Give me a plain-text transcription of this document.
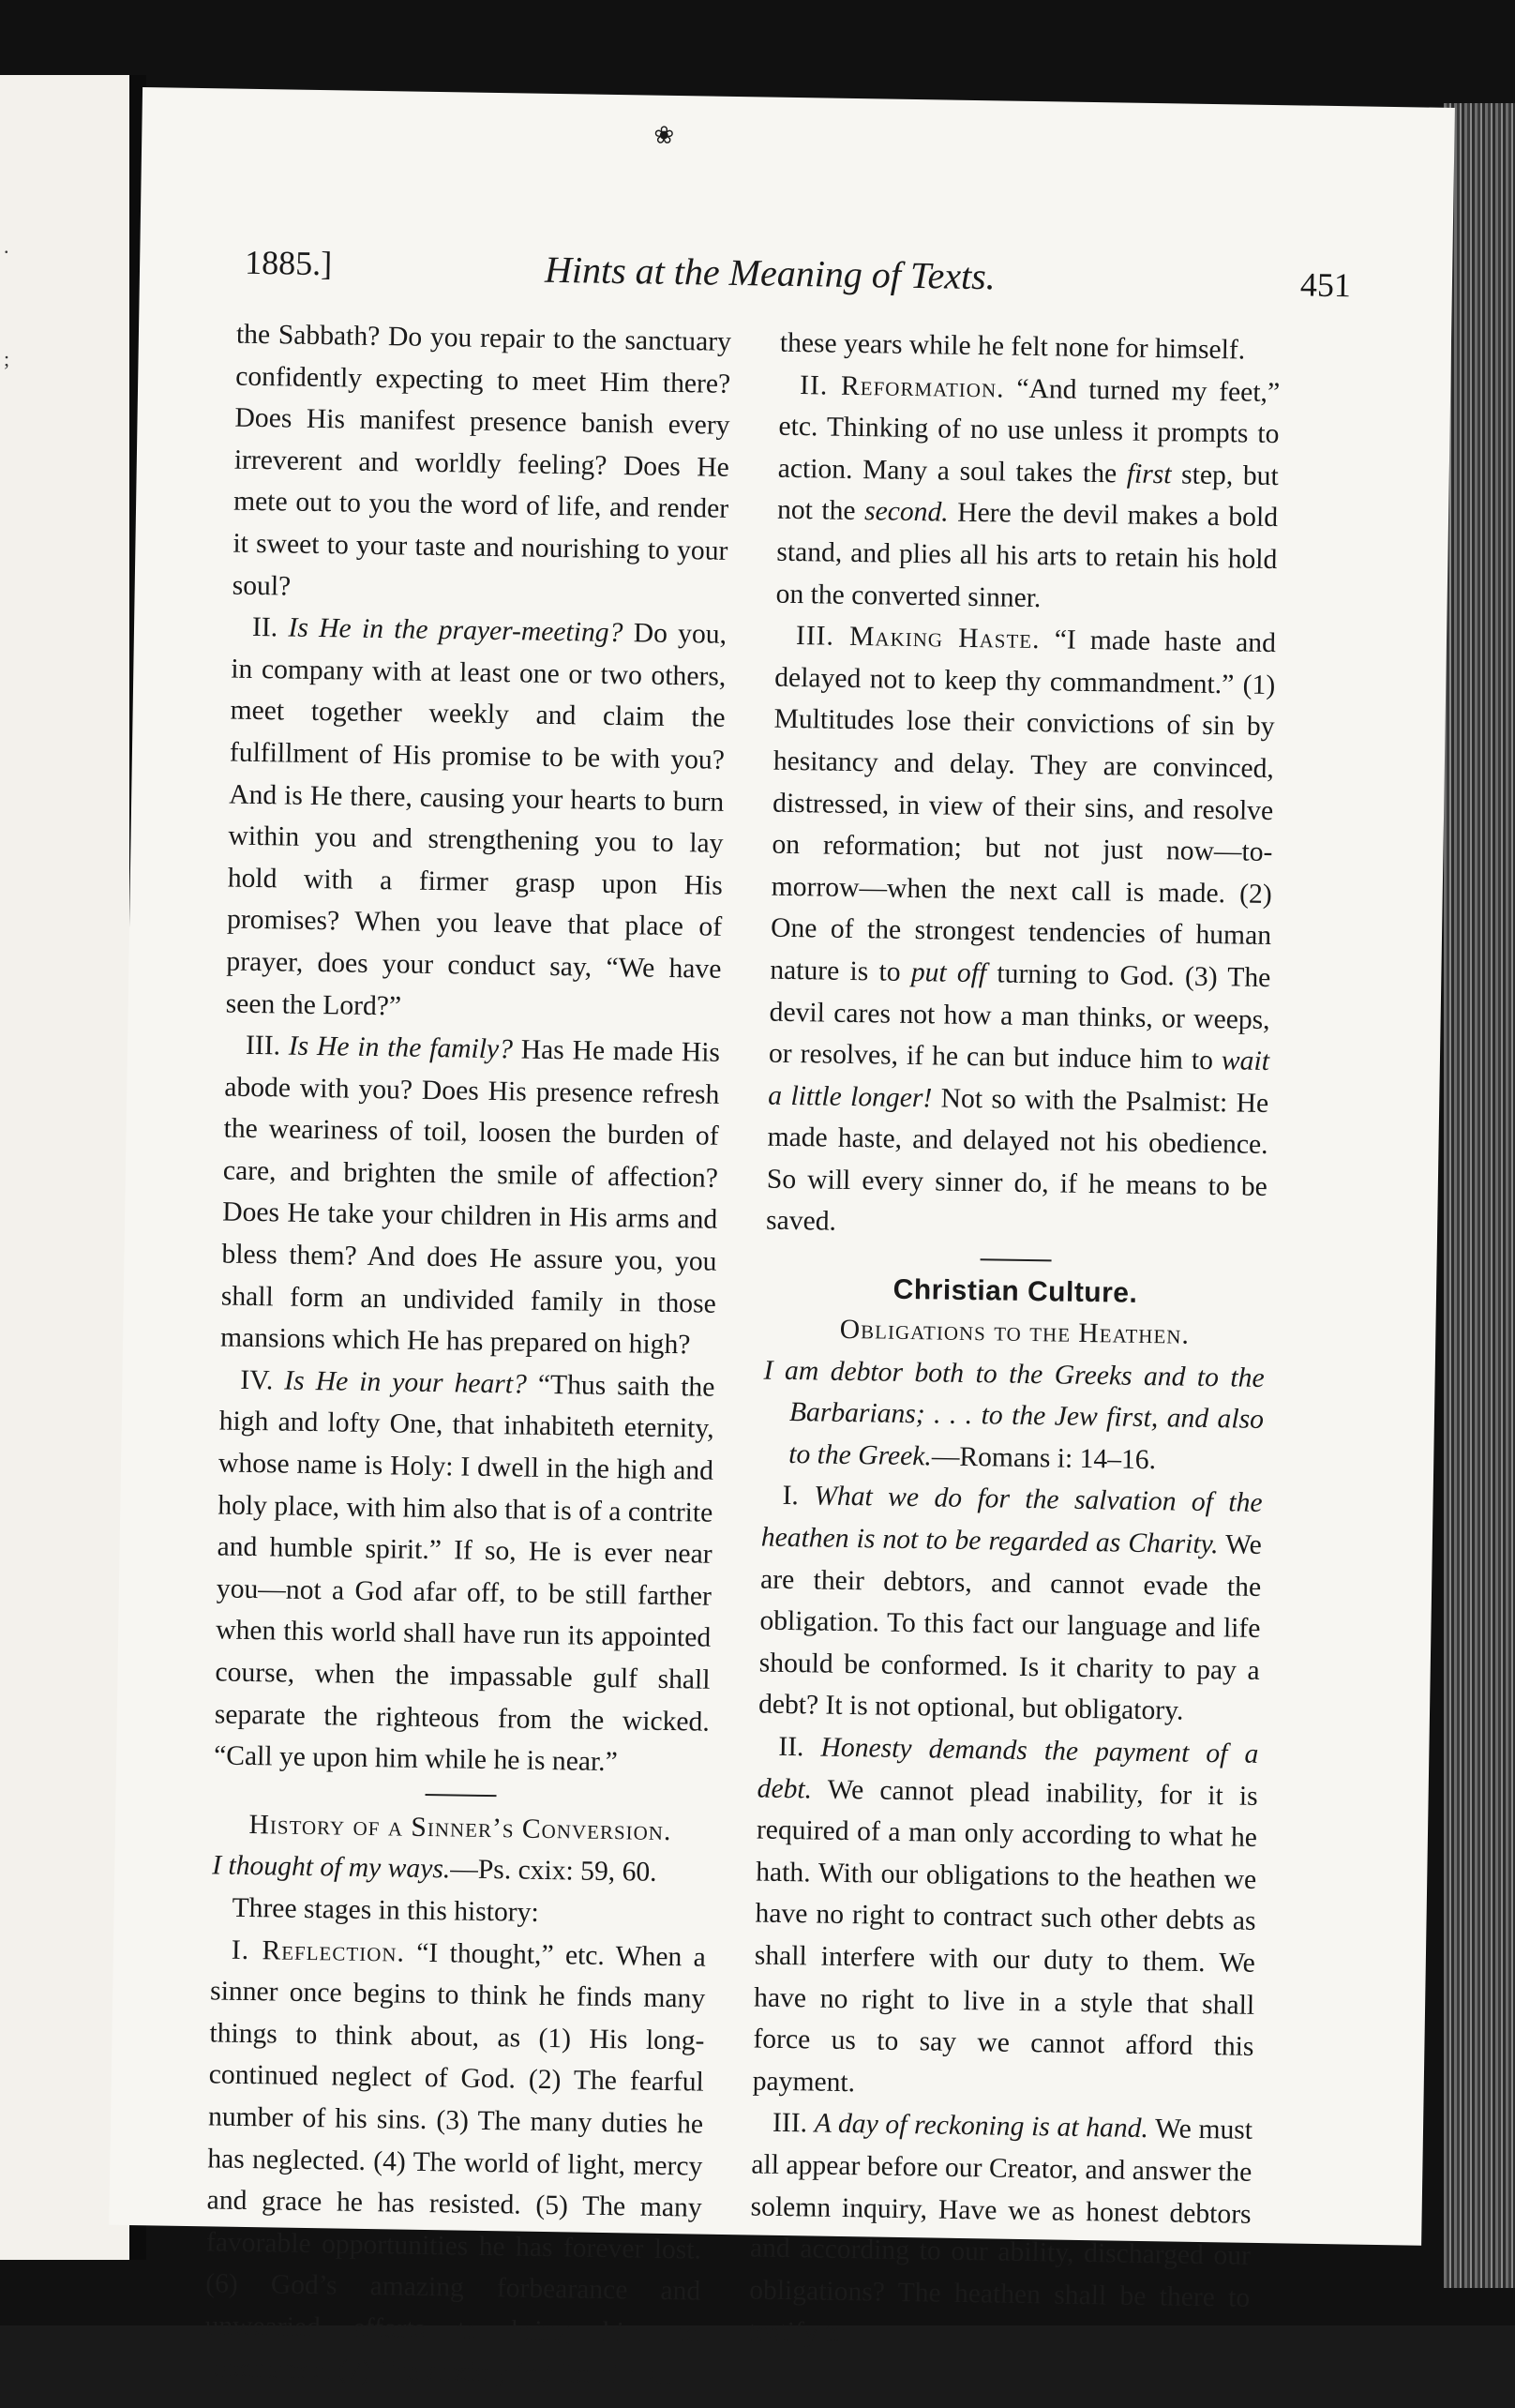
.
;
❀
1885.]	Hints at the Meaning of Texts.	451

the Sabbath? Do you repair to the sanctuary confidently expecting to meet Him there? Does His manifest presence banish every irreverent and worldly feeling? Does He mete out to you the word of life, and render it sweet to your taste and nourishing to your soul?

II. Is He in the prayer-meeting? Do you, in company with at least one or two others, meet together weekly and claim the fulfillment of His promise to be with you? And is He there, causing your hearts to burn within you and strengthening you to lay hold with a firmer grasp upon His promises? When you leave that place of prayer, does your conduct say, “We have seen the Lord?”

III. Is He in the family? Has He made His abode with you? Does His presence refresh the weariness of toil, loosen the burden of care, and brighten the smile of affection? Does He take your children in His arms and bless them? And does He assure you, you shall form an undivided family in those mansions which He has prepared on high?

IV. Is He in your heart? “Thus saith the high and lofty One, that inhabiteth eternity, whose name is Holy: I dwell in the high and holy place, with him also that is of a contrite and humble spirit.” If so, He is ever near you—not a God afar off, to be still farther when this world shall have run its appointed course, when the impassable gulf shall separate the righteous from the wicked. “Call ye upon him while he is near.”

History of a Sinner’s Conversion.

I thought of my ways.—Ps. cxix: 59, 60.

Three stages in this history:

I. Reflection. “I thought,” etc. When a sinner once begins to think he finds many things to think about, as (1) His long-continued neglect of God. (2) The fearful number of his sins. (3) The many duties he has neglected. (4) The world of light, mercy and grace he has resisted. (5) The many favorable opportunities he has forever lost. (6) God’s amazing forbearance and unwearied efforts to bring him to repentance. (7) The anxiety felt for him all

these years while he felt none for himself.

II. Reformation. “And turned my feet,” etc. Thinking of no use unless it prompts to action. Many a soul takes the first step, but not the second. Here the devil makes a bold stand, and plies all his arts to retain his hold on the converted sinner.

III. Making Haste. “I made haste and delayed not to keep thy commandment.” (1) Multitudes lose their convictions of sin by hesitancy and delay. They are convinced, distressed, in view of their sins, and resolve on reformation; but not just now—to-morrow—when the next call is made. (2) One of the strongest tendencies of human nature is to put off turning to God. (3) The devil cares not how a man thinks, or weeps, or resolves, if he can but induce him to wait a little longer! Not so with the Psalmist: He made haste, and delayed not his obedience. So will every sinner do, if he means to be saved.

Christian Culture.

Obligations to the Heathen.

I am debtor both to the Greeks and to the Barbarians; . . . to the Jew first, and also to the Greek.—Romans i: 14–16.

I. What we do for the salvation of the heathen is not to be regarded as Charity. We are their debtors, and cannot evade the obligation. To this fact our language and life should be conformed. Is it charity to pay a debt? It is not optional, but obligatory.

II. Honesty demands the payment of a debt. We cannot plead inability, for it is required of a man only according to what he hath. With our obligations to the heathen we have no right to contract such other debts as shall interfere with our duty to them. We have no right to live in a style that shall force us to say we cannot afford this payment.

III. A day of reckoning is at hand. We must all appear before our Creator, and answer the solemn inquiry, Have we as honest debtors and according to our ability, discharged our obligations? The heathen shall be there to testify to
